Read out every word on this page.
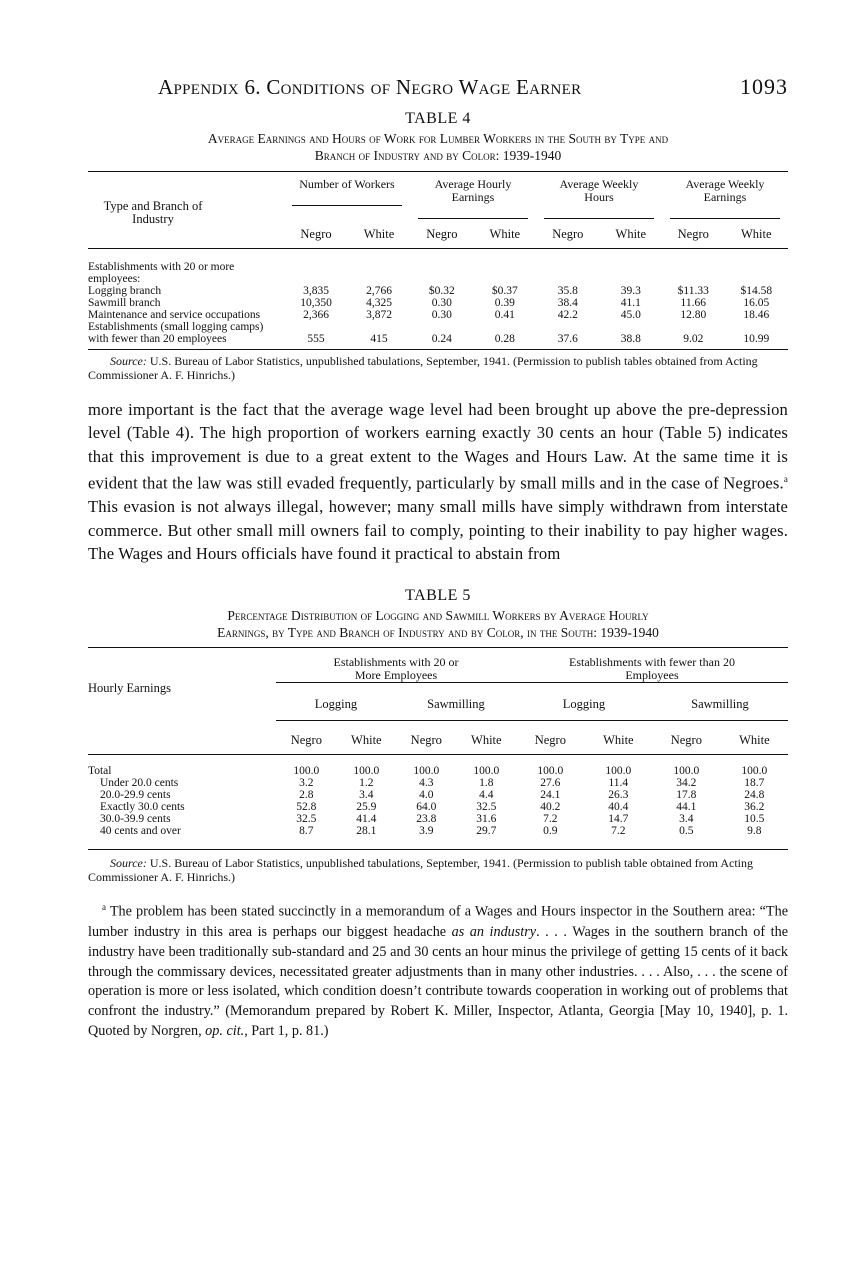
Appendix 6. Conditions of Negro Wage Earner	1093
TABLE 4
Average Earnings and Hours of Work for Lumber Workers in the South by Type and
Branch of Industry and by Color: 1939-1940
Type and Branch of Industry	Number of Workers		Average Hourly Earnings		Average Weekly Hours		Average Weekly Earnings	
	Negro	White	Negro	White	Negro	White	Negro	White
Establishments with 20 or more employees:								
Logging branch	3,835	2,766	$0.32	$0.37	35.8	39.3	$11.33	$14.58
Sawmill branch	10,350	4,325	0.30	0.39	38.4	41.1	11.66	16.05
Maintenance and service occupations	2,366	3,872	0.30	0.41	42.2	45.0	12.80	18.46
Establishments (small logging camps) with fewer than 20 employees	555	415	0.24	0.28	37.6	38.8	9.02	10.99

Source: U.S. Bureau of Labor Statistics, unpublished tabulations, September, 1941. (Permission to publish tables obtained from Acting Commissioner A. F. Hinrichs.)
more important is the fact that the average wage level had been brought up above the pre-depression level (Table 4). The high proportion of workers earning exactly 30 cents an hour (Table 5) indicates that this improvement is due to a great extent to the Wages and Hours Law. At the same time it is evident that the law was still evaded frequently, particularly by small mills and in the case of Negroes.$^a$ This evasion is not always illegal, however; many small mills have simply withdrawn from interstate commerce. But other small mill owners fail to comply, pointing to their inability to pay higher wages. The Wages and Hours officials have found it practical to abstain from
TABLE 5
Percentage Distribution of Logging and Sawmill Workers by Average Hourly
Earnings, by Type and Branch of Industry and by Color, in the South: 1939-1940
Hourly Earnings	Establishments with 20 or More Employees				Establishments with fewer than 20 Employees			
	Logging		Sawmilling		Logging		Sawmilling	
	Negro	White	Negro	White	Negro	White	Negro	White

Total	100.0	100.0	100.0	100.0	100.0	100.0	100.0	100.0
Under 20.0 cents	3.2	1.2	4.3	1.8	27.6	11.4	34.2	18.7
20.0-29.9 cents	2.8	3.4	4.0	4.4	24.1	26.3	17.8	24.8
Exactly 30.0 cents	52.8	25.9	64.0	32.5	40.2	40.4	44.1	36.2
30.0-39.9 cents	32.5	41.4	23.8	31.6	7.2	14.7	3.4	10.5
40 cents and over	8.7	28.1	3.9	29.7	0.9	7.2	0.5	9.8

Source: U.S. Bureau of Labor Statistics, unpublished tabulations, September, 1941. (Permission to publish table obtained from Acting Commissioner A. F. Hinrichs.)
$^a$ The problem has been stated succinctly in a memorandum of a Wages and Hours inspector in the Southern area: “The lumber industry in this area is perhaps our biggest headache as an industry. . . . Wages in the southern branch of the industry have been traditionally sub-standard and 25 and 30 cents an hour minus the privilege of getting 15 cents of it back through the commissary devices, necessitated greater adjustments than in many other industries. . . . Also, . . . the scene of operation is more or less isolated, which condition doesn’t contribute towards cooperation in working out of problems that confront the industry.” (Memorandum prepared by Robert K. Miller, Inspector, Atlanta, Georgia [May 10, 1940], p. 1. Quoted by Norgren, op. cit., Part 1, p. 81.)
